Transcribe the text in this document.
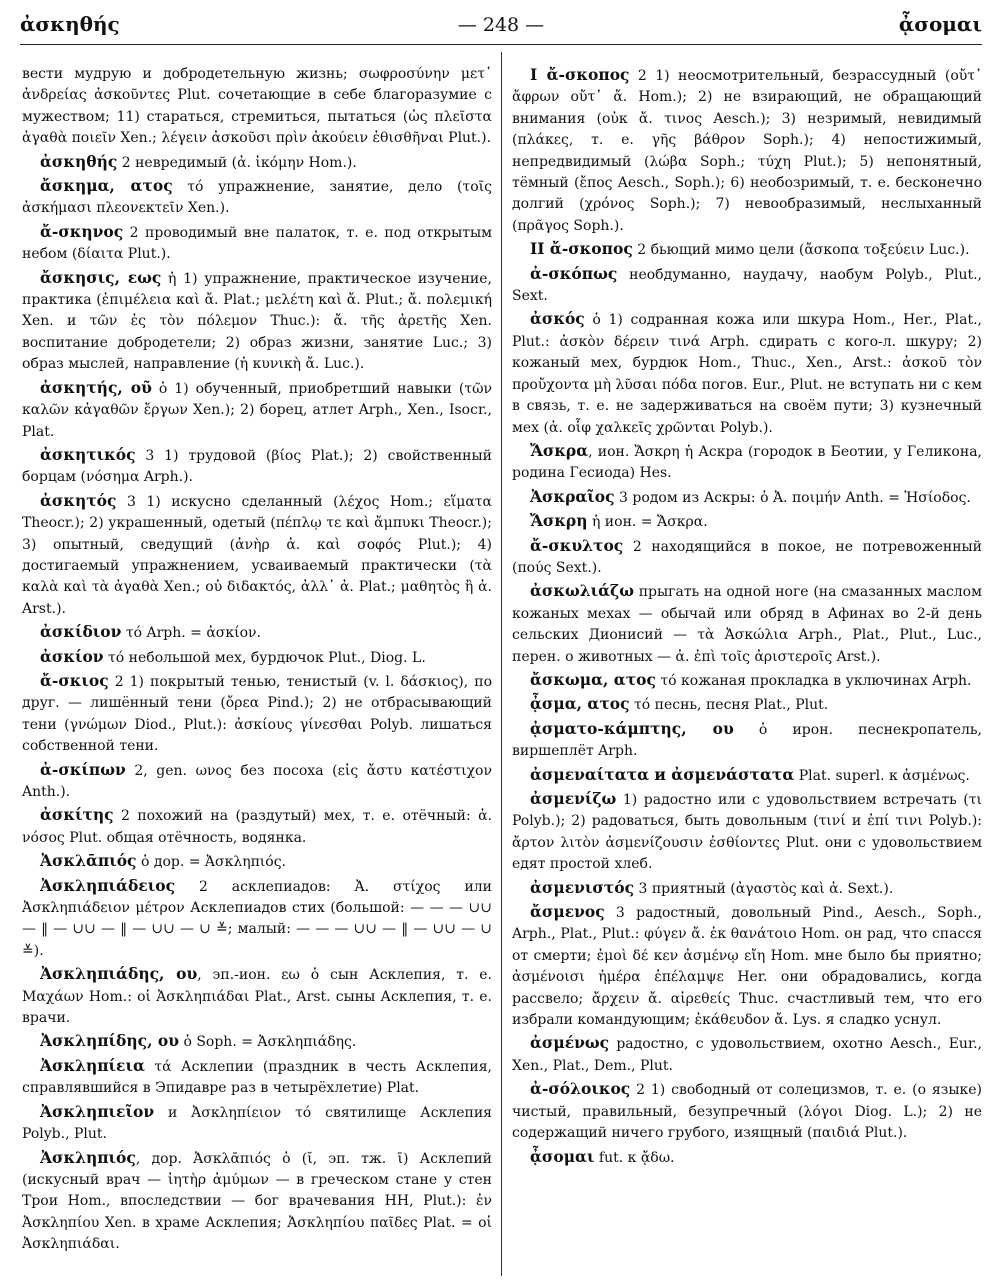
ἀσκηθής	— 248 —	ᾆσομαι

вести мудрую и добродетельную жизнь; σωφροσύνην μετ᾽ ἀνδρείας ἀσκοῦντες Plut. сочетающие в себе благоразумие с мужеством; 11) стараться, стремиться, пытаться (ὡς πλεῖστα ἀγαθὰ ποιεῖν Xen.; λέγειν ἀσκοῦσι πρὶν ἀκούειν ἐθισθῆναι Plut.).

ἀσκηθής 2 невредимый (ἀ. ἱκόμην Hom.).

ἄσκημα, ατος τό упражнение, занятие, дело (τοῖς ἀσκήμασι πλεονεκτεῖν Xen.).

ἄ-σκηνος 2 проводимый вне палаток, т. е. под открытым небом (δίαιτα Plut.).

ἄσκησις, εως ἡ 1) упражнение, практическое изучение, практика (ἐπιμέλεια καὶ ἄ. Plat.; μελέτη καὶ ἄ. Plut.; ἄ. πολεμική Xen. и τῶν ἐς τὸν πόλεμον Thuc.): ἄ. τῆς ἀρετῆς Xen. воспитание добродетели; 2) образ жизни, занятие Luc.; 3) образ мыслей, направление (ἡ κυνικὴ ἄ. Luc.).

ἀσκητής, οῦ ὁ 1) обученный, приобретший навыки (τῶν καλῶν κἀγαθῶν ἔργων Xen.); 2) борец, атлет Arph., Xen., Isocr., Plat.

ἀσκητικός 3 1) трудовой (βίος Plat.); 2) свойственный борцам (νόσημα Arph.).

ἀσκητός 3 1) искусно сделанный (λέχος Hom.; εἵματα Theocr.); 2) украшенный, одетый (πέπλῳ τε καὶ ἄμπυκι Theocr.); 3) опытный, сведущий (ἀνὴρ ἀ. καὶ σοφός Plut.); 4) достигаемый упражнением, усваиваемый практически (τὰ καλὰ καὶ τὰ ἀγαθὰ Xen.; οὐ διδακτός, ἀλλ᾽ ἀ. Plat.; μαθητὸς ἢ ἀ. Arst.).

ἀσκίδιον τό Arph. = ἀσκίον.

ἀσκίον τό небольшой мех, бурдючок Plut., Diog. L.

ἄ-σκιος 2 1) покрытый тенью, тенистый (v. l. δάσκιος), по друг. — лишённый тени (ὄρεα Pind.); 2) не отбрасывающий тени (γνώμων Diod., Plut.): ἀσκίους γίνεσθαι Polyb. лишаться собственной тени.

ἀ-σκίπων 2, gen. ωνος без посоха (εἰς ἄστυ κατέστιχον Anth.).

ἀσκίτης 2 похожий на (раздутый) мех, т. е. отёчный: ἀ. νόσος Plut. общая отёчность, водянка.

Ἀσκλᾱπιός ὁ дор. = Ἀσκληπιός.

Ἀσκληπιάδειος 2 асклепиадов: Ἀ. στίχος или Ἀσκληπιάδειον μέτρον Асклепиадов стих (большой: — — — ∪∪ — ‖ — ∪∪ — ‖ — ∪∪ — ∪ ≚; малый: — — — ∪∪ — ‖ — ∪∪ — ∪ ≚).

Ἀσκληπιάδης, ου, эп.-ион. εω ὁ сын Асклепия, т. е. Μαχάων Hom.: οἱ Ἀσκληπιάδαι Plat., Arst. сыны Асклепия, т. е. врачи.

Ἀσκληπίδης, ου ὁ Soph. = Ἀσκληπιάδης.

Ἀσκληπίεια τά Асклепии (праздник в честь Асклепия, справлявшийся в Эпидавре раз в четырёхлетие) Plat.

Ἀσκληπιεῖον и Ἀσκληπίειον τό святилище Асклепия Polyb., Plut.

Ἀσκληπιός, дор. Ἀσκλᾱπιός ὁ (ῐ, эп. тж. ῑ) Асклепий (искусный врач — ἰητὴρ ἀμύμων — в греческом стане у стен Трои Hom., впоследствии — бог врачевания HH, Plut.): ἐν Ἀσκληπίου Xen. в храме Асклепия; Ἀσκληπίου παῖδες Plat. = οἱ Ἀσκληπιάδαι.

I ἄ-σκοπος 2 1) неосмотрительный, безрассудный (οὔτ᾽ ἄφρων οὔτ᾽ ἄ. Hom.); 2) не взирающий, не обращающий внимания (οὐκ ἄ. τινος Aesch.); 3) незримый, невидимый (πλάκες, т. е. γῆς βάθρον Soph.); 4) непостижимый, непредвидимый (λώβα Soph.; τύχη Plut.); 5) непонятный, тёмный (ἔπος Aesch., Soph.); 6) необозримый, т. е. бесконечно долгий (χρόνος Soph.); 7) невообразимый, неслыханный (πρᾶγος Soph.).

II ἄ-σκοπος 2 бьющий мимо цели (ἄσκοπα τοξεύειν Luc.).

ἀ-σκόπως необдуманно, наудачу, наобум Polyb., Plut., Sext.

ἀσκός ὁ 1) содранная кожа или шкура Hom., Her., Plat., Plut.: ἀσκὸν δέρειν τινά Arph. сдирать с кого-л. шкуру; 2) кожаный мех, бурдюк Hom., Thuc., Xen., Arst.: ἀσκοῦ τὸν προὔχοντα μὴ λῦσαι πόδα погов. Eur., Plut. не вступать ни с кем в связь, т. е. не задерживаться на своём пути; 3) кузнечный мех (ἀ. οἷφ χαλκεῖς χρῶνται Polyb.).

Ἄσκρα, ион. Ἄσκρη ἡ Аскра (городок в Беотии, у Геликона, родина Гесиода) Hes.

Ἀσκραῖος 3 родом из Аскры: ὁ Ἀ. ποιμήν Anth. = Ἡσίοδος.

Ἄσκρη ἡ ион. = Ἄσκρα.

ἄ-σκυλτος 2 находящийся в покое, не потревоженный (πούς Sext.).

ἀσκωλιάζω прыгать на одной ноге (на смазанных маслом кожаных мехах — обычай или обряд в Афинах во 2-й день сельских Дионисий — τὰ Ἀσκώλια Arph., Plat., Plut., Luc., перен. о животных — ἀ. ἐπὶ τοῖς ἀριστεροῖς Arst.).

ἄσκωμα, ατος τό кожаная прокладка в уключинах Arph.

ᾆσμα, ατος τό песнь, песня Plat., Plut.

ᾀσματο-κάμπτης, ου ὁ ирон. песнекропатель, виршеплёт Arph.

ἀσμεναίτατα и ἀσμενάστατα Plat. superl. к ἀσμένως.

ἀσμενίζω 1) радостно или с удовольствием встречать (τι Polyb.); 2) радоваться, быть довольным (τινί и ἐπί τινι Polyb.): ἄρτον λιτὸν ἀσμενίζουσιν ἐσθίοντες Plut. они с удовольствием едят простой хлеб.

ἀσμενιστός 3 приятный (ἀγαστὸς καὶ ἀ. Sext.).

ἄσμενος 3 радостный, довольный Pind., Aesch., Soph., Arph., Plat., Plut.: φύγεν ἄ. ἐκ θανάτοιο Hom. он рад, что спасся от смерти; ἐμοὶ δέ κεν ἀσμένῳ εἴη Hom. мне было бы приятно; ἀσμένοισι ἡμέρα ἐπέλαμψε Her. они обрадовались, когда рассвело; ἄρχειν ἄ. αἱρεθείς Thuc. счастливый тем, что его избрали командующим; ἐκάθευδον ἄ. Lys. я сладко уснул.

ἀσμένως радостно, с удовольствием, охотно Aesch., Eur., Xen., Plat., Dem., Plut.

ἀ-σόλοικος 2 1) свободный от солецизмов, т. е. (о языке) чистый, правильный, безупречный (λόγοι Diog. L.); 2) не содержащий ничего грубого, изящный (παιδιά Plut.).

ᾆσομαι fut. к ᾄδω.
